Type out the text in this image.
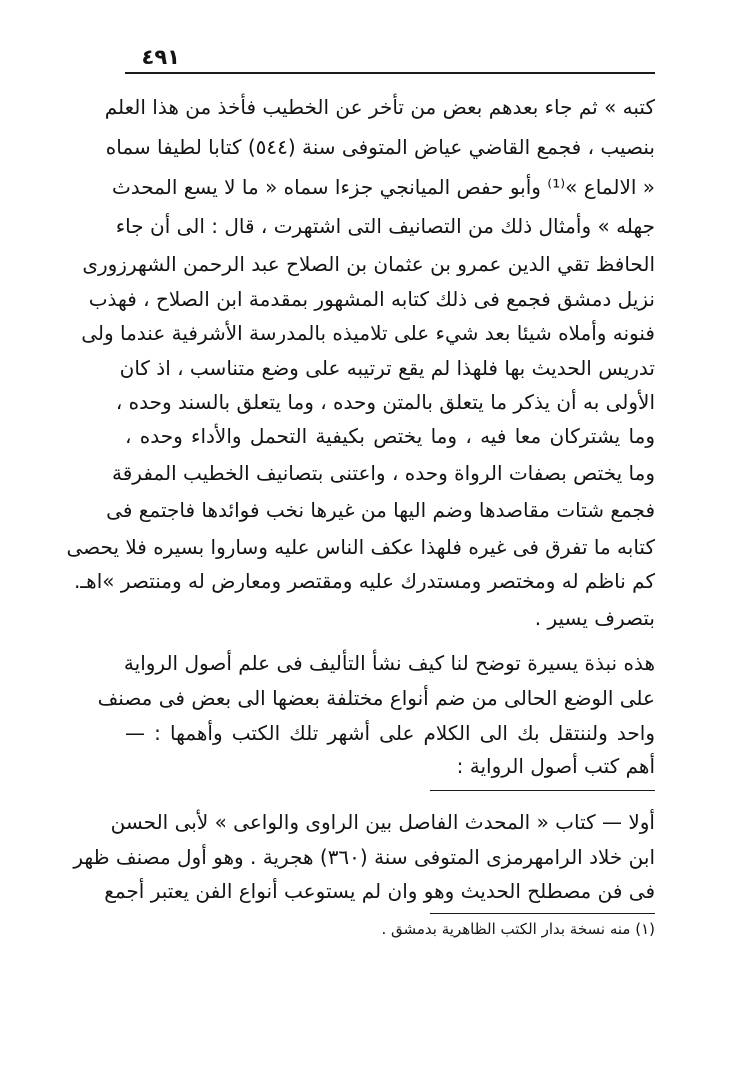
٤٩١
كتبه » ثم جاء بعدهم بعض من تأخر عن الخطيب فأخذ من هذا العلم
بنصيب ، فجمع القاضي عياض المتوفى سنة (٥٤٤) كتابا لطيفا سماه
« الالماع »⁽¹⁾ وأبو حفص الميانجي جزءا سماه « ما لا يسع المحدث
جهله » وأمثال ذلك من التصانيف التى اشتهرت ، قال : الى أن جاء
الحافظ تقي الدين عمرو بن عثمان بن الصلاح عبد الرحمن الشهرزورى
نزيل دمشق فجمع فى ذلك كتابه المشهور بمقدمة ابن الصلاح ، فهذب
فنونه وأملاه شيئا بعد شيء على تلاميذه بالمدرسة الأشرفية عندما ولى
تدريس الحديث بها فلهذا لم يقع ترتيبه على وضع متناسب ، اذ كان
الأولى به أن يذكر ما يتعلق بالمتن وحده ، وما يتعلق بالسند وحده ،
وما يشتركان معا فيه ، وما يختص بكيفية التحمل والأداء وحده ،
وما يختص بصفات الرواة وحده ، واعتنى بتصانيف الخطيب المفرقة
فجمع شتات مقاصدها وضم اليها من غيرها نخب فوائدها فاجتمع فى
كتابه ما تفرق فى غيره فلهذا عكف الناس عليه وساروا بسيره فلا يحصى
كم ناظم له ومختصر ومستدرك عليه ومقتصر ومعارض له ومنتصر »اهـ.
بتصرف يسير .
هذه نبذة يسيرة توضح لنا كيف نشأ التأليف فى علم أصول الرواية
على الوضع الحالى من ضم أنواع مختلفة بعضها الى بعض فى مصنف
واحد ولننتقل بك الى الكلام على أشهر تلك الكتب وأهمها : —
أهم كتب أصول الرواية :
أولا — كتاب « المحدث الفاصل بين الراوى والواعى » لأبى الحسن
ابن خلاد الرامهرمزى المتوفى سنة (٣٦٠) هجرية . وهو أول مصنف ظهر
فى فن مصطلح الحديث وهو وان لم يستوعب أنواع الفن يعتبر أجمع
(١) منه نسخة بدار الكتب الظاهرية بدمشق .
